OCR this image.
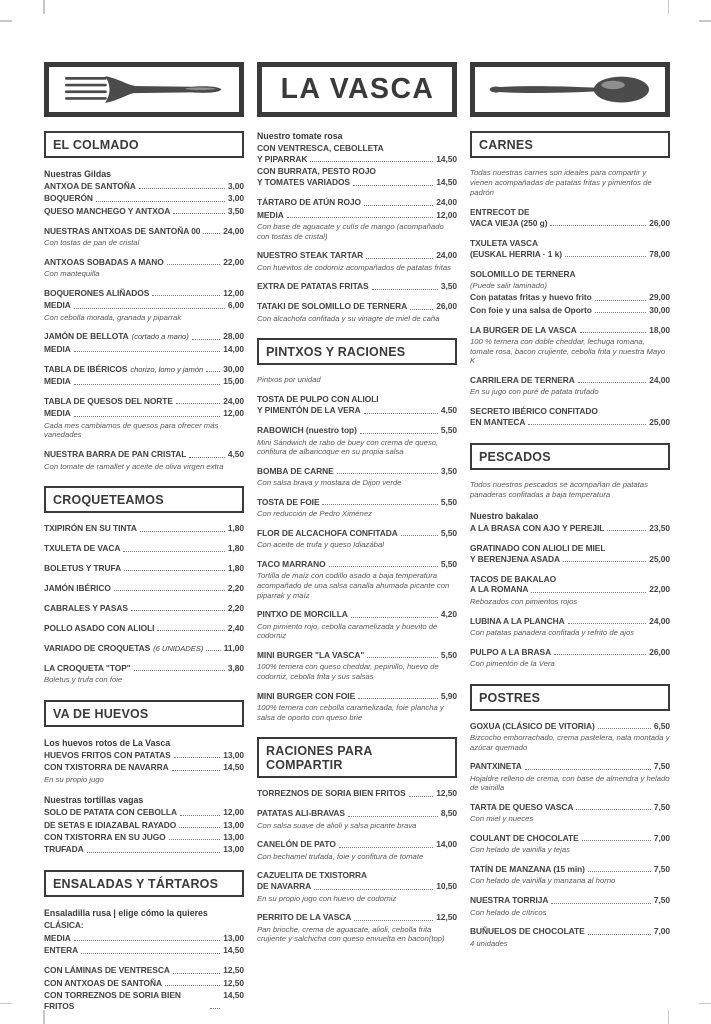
LA VASCA
EL COLMADO
Nuestras Gildas
ANTXOA DE SANTOÑA	3,00
BOQUERÓN	3,00
QUESO MANCHEGO Y ANTXOA	3,50
NUESTRAS ANTXOAS DE SANTOÑA 00	24,00
Con tostas de pan de cristal
ANTXOAS SOBADAS A MANO	22,00
Con mantequilla
BOQUERONES ALIÑADOS	12,00
MEDIA	6,00
Con cebolla morada, granada y piparrak
JAMÓN DE BELLOTA (cortado a mano)	28,00
MEDIA	14,00
TABLA DE IBÉRICOS chorizo, lomo y jamón 30,00
MEDIA	15,00
TABLA DE QUESOS DEL NORTE	24,00
MEDIA	12,00
Cada mes cambiamos de quesos para ofrecer más variedades
NUESTRA BARRA DE PAN CRISTAL	4,50
Con tomate de ramallet y aceite de oliva virgen extra
CROQUETEAMOS
TXIPIRÓN EN SU TINTA	1,80
TXULETA DE VACA	1,80
BOLETUS Y TRUFA	1,80
JAMÓN IBÉRICO	2,20
CABRALES Y PASAS	2,20
POLLO ASADO CON ALIOLI	2,40
VARIADO DE CROQUETAS (6 UNIDADES) 11,00
LA CROQUETA "TOP"	3,80
Boletus y trufa con foie
VA DE HUEVOS
Los huevos rotos de La Vasca
HUEVOS FRITOS CON PATATAS	13,00
CON TXISTORRA DE NAVARRA	14,50
En su propio jugo
Nuestras tortillas vagas
SOLO DE PATATA CON CEBOLLA	12,00
DE SETAS E IDIAZABAL RAYADO	13,00
CON TXISTORRA EN SU JUGO	13,00
TRUFADA	13,00
ENSALADAS Y TÁRTAROS
Ensaladilla rusa | elige cómo la quieres
CLÁSICA:
MEDIA	13,00
ENTERA	14,50
CON LÁMINAS DE VENTRESCA	12,50
CON ANTXOAS DE SANTOÑA	12,50
CON TORREZNOS DE SORIA BIEN FRITOS
14,50
Nuestro tomate rosa
CON VENTRESCA, CEBOLLETA
Y PIPARRAK	14,50
CON BURRATA, PESTO ROJO
Y TOMATES VARIADOS	14,50
TÁRTARO DE ATÚN ROJO	24,00
MEDIA	12,00
Con base de aguacate y culís de mango (acompañado con tostas de cristal)
NUESTRO STEAK TARTAR	24,00
Con huevitos de codorniz acompañados de patatas fritas
EXTRA DE PATATAS FRITAS	3,50
TATAKI DE SOLOMILLO DE TERNERA	26,00
Con alcachofa confitada y su vinagre de miel de caña
PINTXOS Y RACIONES
Pintxos por unidad
TOSTA DE PULPO CON ALIOLI
Y PIMENTÓN DE LA VERA	4,50
RABOWICH (nuestro top)	5,50
Mini Sándwich de rabo de buey con crema de queso, confitura de albaricoque en su propia salsa
BOMBA DE CARNE	3,50
Con salsa brava y mostaza de Dijon verde
TOSTA DE FOIE	5,50
Con reducción de Pedro Ximénez
FLOR DE ALCACHOFA CONFITADA	5,50
Con aceite de trufa y queso Idiazábal
TACO MARRANO	5,50
Tortilla de maíz con codillo asado a baja temperatura acompañado de una salsa canalla ahumada picante con piparrak y maíz
PINTXO DE MORCILLA	4,20
Con pimiento rojo, cebolla caramelizada y huevito de codorniz
MINI BURGER "LA VASCA"	5,50
100% ternera con queso cheddar, pepinillo, huevo de codorniz, cebolla frita y sus salsas
MINI BURGER CON FOIE	5,90
100% ternera con cebolla caramelizada, foie plancha y salsa de oporto con queso brie
RACIONES PARA COMPARTIR
TORREZNOS DE SORIA BIEN FRITOS	12,50
PATATAS ALI-BRAVAS	8,50
Con salsa suave de alioli y salsa picante brava
CANELÓN DE PATO	14,00
Con bechamel trufada, foie y confitura de tomate
CAZUELITA DE TXISTORRA
DE NAVARRA	10,50
En su propio jugo con huevo de codorniz
PERRITO DE LA VASCA	12,50
Pan brioche, crema de aguacate, alioli, cebolla frita crujiente y salchicha con queso envuelta en bacon(top)
CARNES
Todas nuestras carnes son ideales para compartir y vienen acompañadas de patatas fritas y pimientos de padrón
ENTRECOT DE
VACA VIEJA (250 g)	26,00
TXULETA VASCA
(EUSKAL HERRIA · 1 k)	78,00
SOLOMILLO DE TERNERA
(Puede salir laminado)
Con patatas fritas y huevo frito	29,00
Con foie y una salsa de Oporto	30,00
LA BURGER DE LA VASCA	18,00
100 % ternera con doble cheddar, lechuga romana, tomate rosa, bacon crujiente, cebolla frita y nuestra Mayo K
CARRILERA DE TERNERA	24,00
En su jugo con puré de patata trufado
SECRETO IBÉRICO CONFITADO
EN MANTECA	25,00
PESCADOS
Todos nuestros pescados se acompañan de patatas panaderas confitadas a baja temperatura
Nuestro bakalao
A LA BRASA CON AJO Y PEREJIL	23,50
GRATINADO CON ALIOLI DE MIEL
Y BERENJENA ASADA	25,00
TACOS DE BAKALAO
A LA ROMANA	22,00
Rebozados con pimientos rojos
LUBINA A LA PLANCHA	24,00
Con patatas panadera confitada y refrito de ajos
PULPO A LA BRASA	26,00
Con pimentón de la Vera
POSTRES
GOXUA (CLÁSICO DE VITORIA)	6,50
Bizcocho emborrachado, crema pastelera, nata montada y azúcar quemado
PANTXINETA	7,50
Hojaldre relleno de crema, con base de almendra y helado de vainilla
TARTA DE QUESO VASCA	7,50
Con miel y nueces
COULANT DE CHOCOLATE	7,00
Con helado de vainilla y tejas
TATÍN DE MANZANA (15 min)	7,50
Con helado de vainilla y manzana al horno
NUESTRA TORRIJA	7,50
Con helado de cítricos
BUÑUELOS DE CHOCOLATE	7,00
4 unidades
